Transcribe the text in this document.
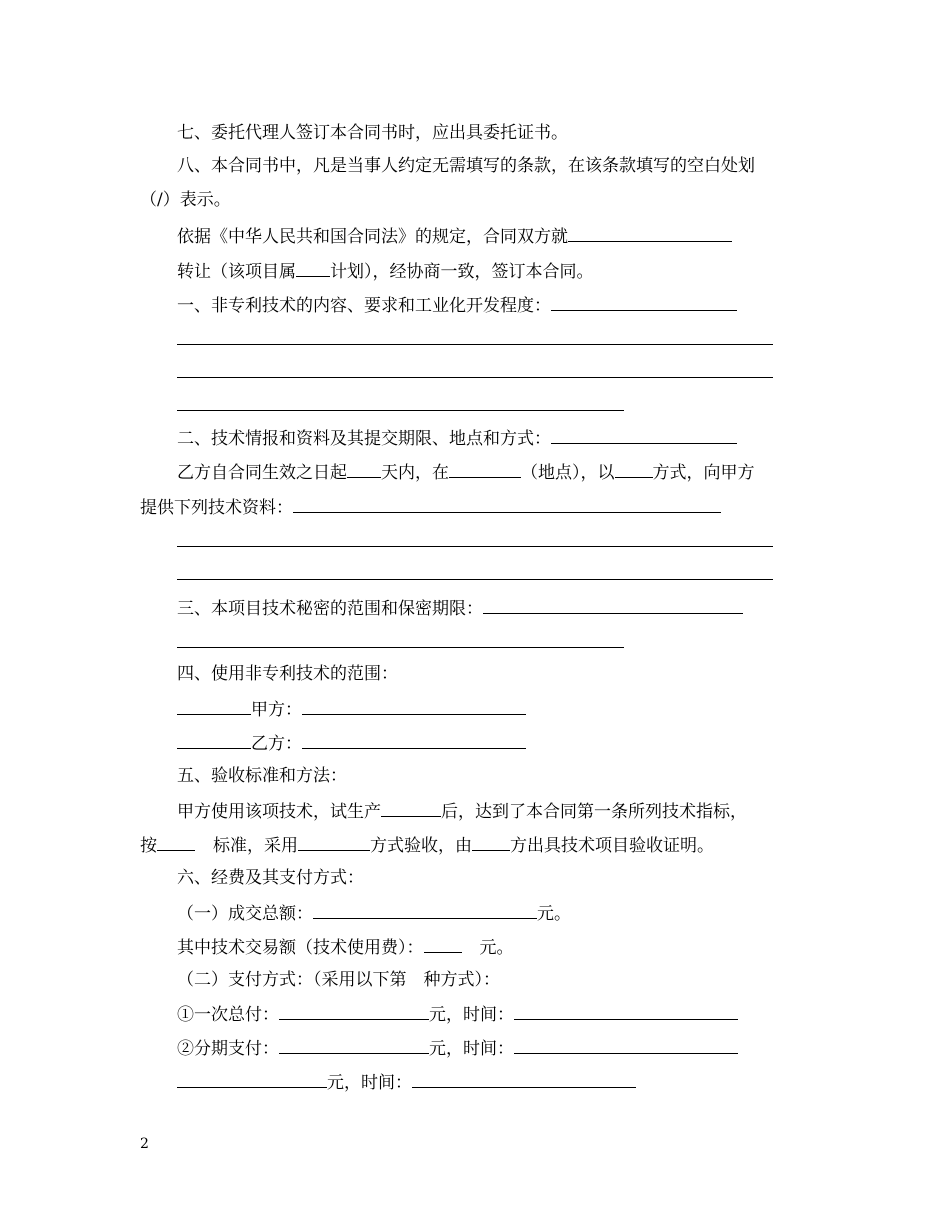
七、委托代理人签订本合同书时，应出具委托证书。
八、本合同书中，凡是当事人约定无需填写的条款，在该条款填写的空白处划
（/）表示。
依据《中华人民共和国合同法》的规定，合同双方就
转让（该项目属 计划），经协商一致，签订本合同。
一、非专利技术的内容、要求和工业化开发程度：
二、技术情报和资料及其提交期限、地点和方式：
乙方自合同生效之日起 天内，在	（地点），以 方式，向甲方
提供下列技术资料：
三、本项目技术秘密的范围和保密期限：
四、使用非专利技术的范围：
甲方：
乙方：
五、验收标准和方法：
甲方使用该项技术，试生产	后，达到了本合同第一条所列技术指标，
按	标准，采用	方式验收，由 方出具技术项目验收证明。
六、经费及其支付方式：
（一）成交总额：	元。
其中技术交易额（技术使用费）：	元。
（二）支付方式：（采用以下第　种方式）：
①一次总付：	元，时间：
②分期支付：	元，时间：
元，时间：
2
